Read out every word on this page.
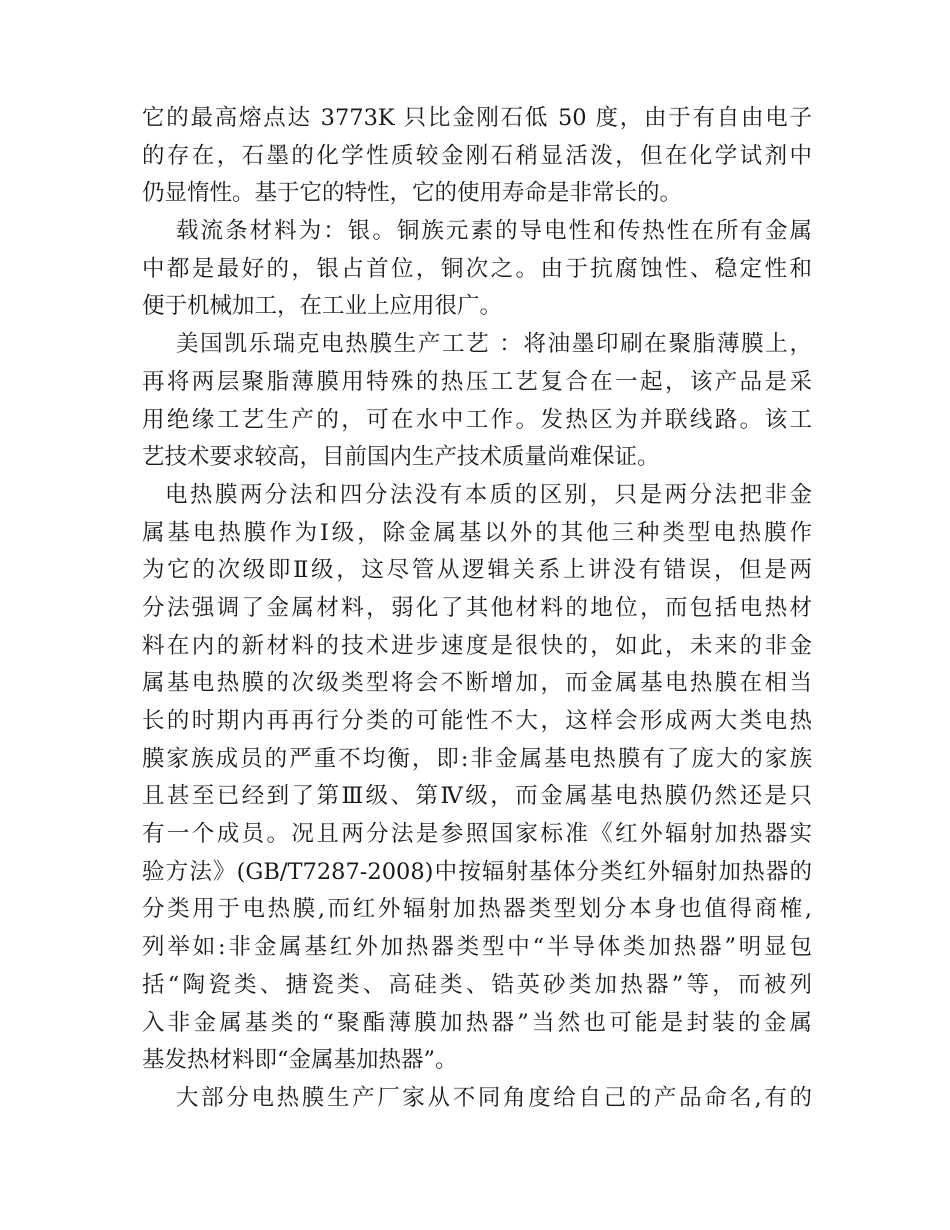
它的最高熔点达 3773K 只比金刚石低 50 度，由于有自由电子
的存在，石墨的化学性质较金刚石稍显活泼，但在化学试剂中
仍显惰性。基于它的特性，它的使用寿命是非常长的。
载流条材料为：银。铜族元素的导电性和传热性在所有金属
中都是最好的，银占首位，铜次之。由于抗腐蚀性、稳定性和
便于机械加工，在工业上应用很广。
美国凯乐瑞克电热膜生产工艺 ：将油墨印刷在聚脂薄膜上，
再将两层聚脂薄膜用特殊的热压工艺复合在一起，该产品是采
用绝缘工艺生产的，可在水中工作。发热区为并联线路。该工
艺技术要求较高，目前国内生产技术质量尚难保证。
电热膜两分法和四分法没有本质的区别，只是两分法把非金
属基电热膜作为Ⅰ级，除金属基以外的其他三种类型电热膜作
为它的次级即Ⅱ级，这尽管从逻辑关系上讲没有错误，但是两
分法强调了金属材料，弱化了其他材料的地位，而包括电热材
料在内的新材料的技术进步速度是很快的，如此，未来的非金
属基电热膜的次级类型将会不断增加，而金属基电热膜在相当
长的时期内再再行分类的可能性不大，这样会形成两大类电热
膜家族成员的严重不均衡，即:非金属基电热膜有了庞大的家族
且甚至已经到了第Ⅲ级、第Ⅳ级，而金属基电热膜仍然还是只
有一个成员。况且两分法是参照国家标准《红外辐射加热器实
验方法》(GB/T7287-2008)中按辐射基体分类红外辐射加热器的
分类用于电热膜,而红外辐射加热器类型划分本身也值得商榷,
列举如:非金属基红外加热器类型中“半导体类加热器”明显包
括“陶瓷类、搪瓷类、高硅类、锆英砂类加热器”等，而被列
入非金属基类的“聚酯薄膜加热器”当然也可能是封装的金属
基发热材料即“金属基加热器”。
大部分电热膜生产厂家从不同角度给自己的产品命名,有的
